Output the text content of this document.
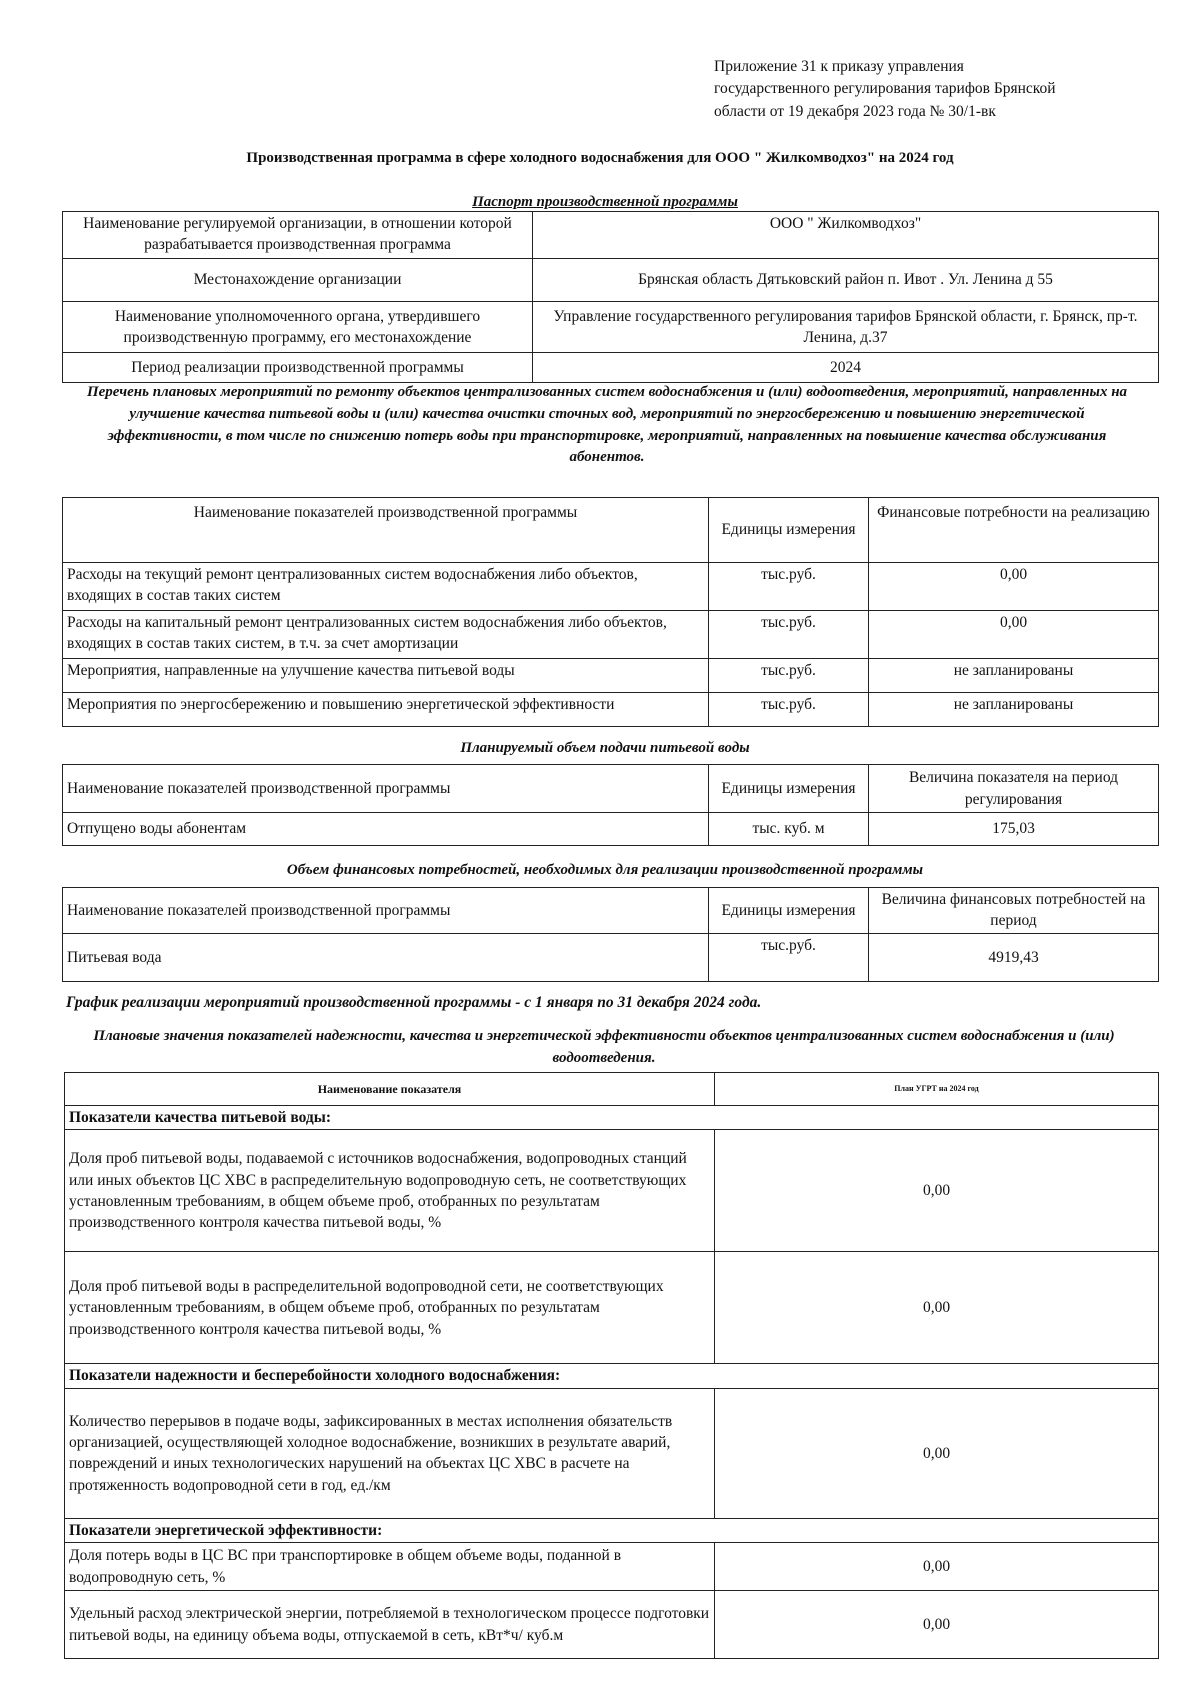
Приложение 31 к приказу управления
государственного регулирования тарифов Брянской
области от 19 декабря 2023 года № 30/1-вк
Производственная программа в сфере холодного водоснабжения для ООО " Жилкомводхоз" на 2024 год
Паспорт производственной программы
Наименование регулируемой организации, в отношении которой разрабатывается производственная программа	ООО " Жилкомводхоз"
Местонахождение организации	Брянская область Дятьковский район п. Ивот . Ул. Ленина д 55
Наименование уполномоченного органа, утвердившего производственную программу, его местонахождение	Управление государственного регулирования тарифов Брянской области, г. Брянск, пр-т. Ленина, д.37
Период реализации производственной программы	2024
Перечень плановых мероприятий по ремонту объектов централизованных систем водоснабжения и (или) водоотведения, мероприятий, направленных на улучшение качества питьевой воды и (или) качества очистки сточных вод, мероприятий по энергосбережению и повышению энергетической эффективности, в том числе по снижению потерь воды при транспортировке, мероприятий, направленных на повышение качества обслуживания абонентов.
Наименование показателей производственной программы	Единицы измерения	Финансовые потребности на реализацию
Расходы на текущий ремонт централизованных систем водоснабжения либо объектов, входящих в состав таких систем	тыс.руб.	0,00
Расходы на капитальный ремонт централизованных систем водоснабжения либо объектов, входящих в состав таких систем, в т.ч. за счет амортизации	тыс.руб.	0,00
Мероприятия, направленные на улучшение качества питьевой воды	тыс.руб.	не запланированы
Мероприятия по энергосбережению и повышению энергетической эффективности	тыс.руб.	не запланированы
Планируемый объем подачи питьевой воды
Наименование показателей производственной программы	Единицы измерения	Величина показателя на период регулирования
Отпущено воды абонентам	тыс. куб. м	175,03
Объем финансовых потребностей, необходимых для реализации производственной программы
Наименование показателей производственной программы	Единицы измерения	Величина финансовых потребностей на период
Питьевая вода	тыс.руб.	4919,43
График реализации мероприятий производственной программы - с 1 января по 31 декабря 2024 года.
Плановые значения показателей надежности, качества и энергетической эффективности объектов централизованных систем водоснабжения и (или) водоотведения.
Наименование показателя	План УГРТ на 2024 год
Показатели качества питьевой воды:	
Доля проб питьевой воды, подаваемой с источников водоснабжения, водопроводных станций или иных объектов ЦС ХВС в распределительную водопроводную сеть, не соответствующих установленным требованиям, в общем объеме проб, отобранных по результатам производственного контроля качества питьевой воды, %	0,00
Доля проб питьевой воды в распределительной водопроводной сети, не соответствующих установленным требованиям, в общем объеме проб, отобранных по результатам производственного контроля качества питьевой воды, %	0,00
Показатели надежности и бесперебойности холодного водоснабжения:	
Количество перерывов в подаче воды, зафиксированных в местах исполнения обязательств организацией, осуществляющей холодное водоснабжение, возникших в результате аварий, повреждений и иных технологических нарушений на объектах ЦС ХВС в расчете на протяженность водопроводной сети в год, ед./км	0,00
Показатели энергетической эффективности:	
Доля потерь воды в ЦС ВС при транспортировке в общем объеме воды, поданной в водопроводную сеть, %	0,00
Удельный расход электрической энергии, потребляемой в технологическом процессе подготовки питьевой воды, на единицу объема воды, отпускаемой в сеть, кВт*ч/ куб.м	0,00
